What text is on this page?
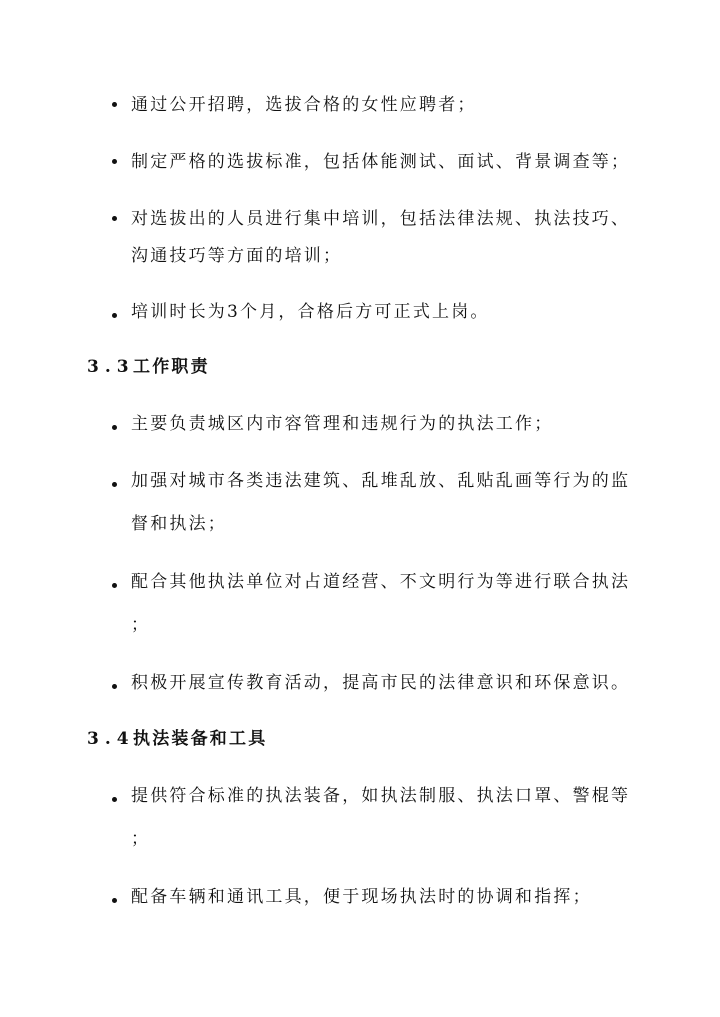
通过公开招聘，选拔合格的女性应聘者；
制定严格的选拔标准，包括体能测试、面试、背景调查等；
对选拔出的人员进行集中培训，包括法律法规、执法技巧、
沟通技巧等方面的培训；
培训时长为3个月，合格后方可正式上岗。
3.3工作职责
主要负责城区内市容管理和违规行为的执法工作；
加强对城市各类违法建筑、乱堆乱放、乱贴乱画等行为的监
督和执法；
配合其他执法单位对占道经营、不文明行为等进行联合执法
；
积极开展宣传教育活动，提高市民的法律意识和环保意识。
3.4执法装备和工具
提供符合标准的执法装备，如执法制服、执法口罩、警棍等
；
配备车辆和通讯工具，便于现场执法时的协调和指挥；
